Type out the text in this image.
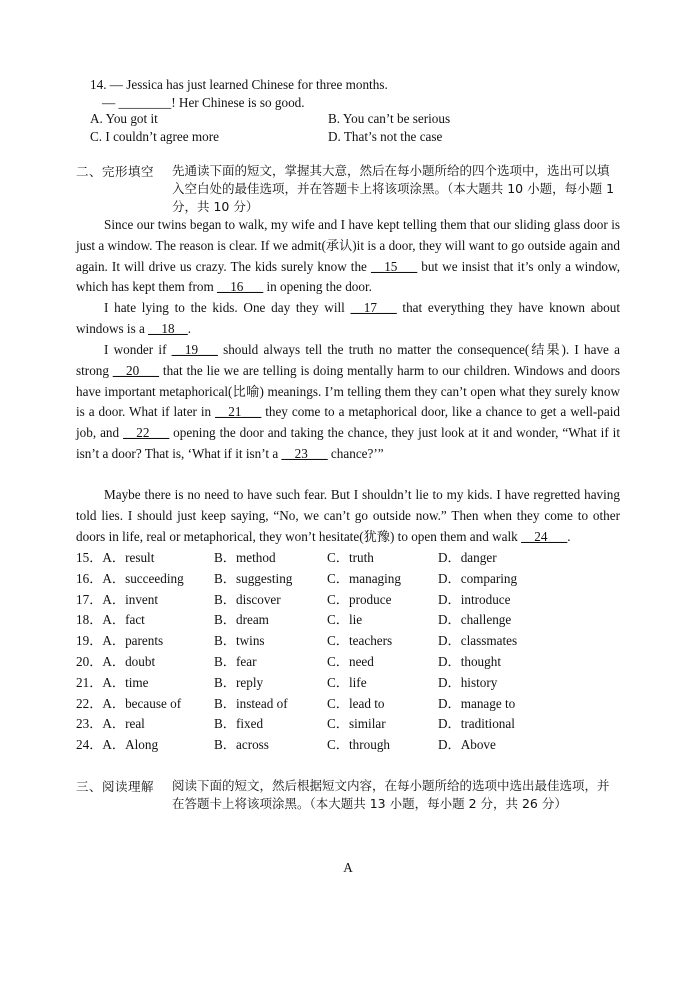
14. — Jessica has just learned Chinese for three months.
— ________! Her Chinese is so good.
A. You got it	B. You can’t be serious
C. I couldn’t agree more	D. That’s not the case
二、完形填空 先通读下面的短文，掌握其大意，然后在每小题所给的四个选项中，选出可以填入空白处的最佳选项，并在答题卡上将该项涂黑。（本大题共 10 小题，每小题 1 分，共 10 分）
Since our twins began to walk, my wife and I have kept telling them that our sliding glass door is just a window. The reason is clear. If we admit(承认)it is a door, they will want to go outside again and again. It will drive us crazy. The kids surely know the __15___ but we insist that it’s only a window, which has kept them from __16___ in opening the door.
I hate lying to the kids. One day they will __17___ that everything they have known about windows is a __18__.
I wonder if __19___ should always tell the truth no matter the consequence(结果). I have a strong __20___ that the lie we are telling is doing mentally harm to our children. Windows and doors have important metaphorical(比喻) meanings. I’m telling them they can’t open what they surely know is a door. What if later in __21___ they come to a metaphorical door, like a chance to get a well-paid job, and __22___ opening the door and taking the chance, they just look at it and wonder, “What if it isn’t a door? That is, ‘What if it isn’t a __23___ chance?’”
Maybe there is no need to have such fear. But I shouldn’t lie to my kids. I have regretted having told lies. I should just keep saying, “No, we can’t go outside now.” Then when they come to other doors in life, real or metaphorical, they won’t hesitate(犹豫) to open them and walk __24___.
15．A．result	B．method	C．truth	D．danger
16．A．succeeding B．suggesting	C．managing	D．comparing
17．A．invent	B．discover	C．produce	D．introduce
18．A．fact	B．dream	C．lie	D．challenge
19．A．parents	B．twins	C．teachers	D．classmates
20．A．doubt	B．fear	C．need	D．thought
21．A．time	B．reply	C．life	D．history
22．A．because of B．instead of	C．lead to	D．manage to
23．A．real	B．fixed	C．similar	D．traditional
24．A．Along	B．across	C．through	D．Above
三、阅读理解 阅读下面的短文，然后根据短文内容，在每小题所给的选项中选出最佳选项，并在答题卡上将该项涂黑。（本大题共 13 小题，每小题 2 分，共 26 分）
A
